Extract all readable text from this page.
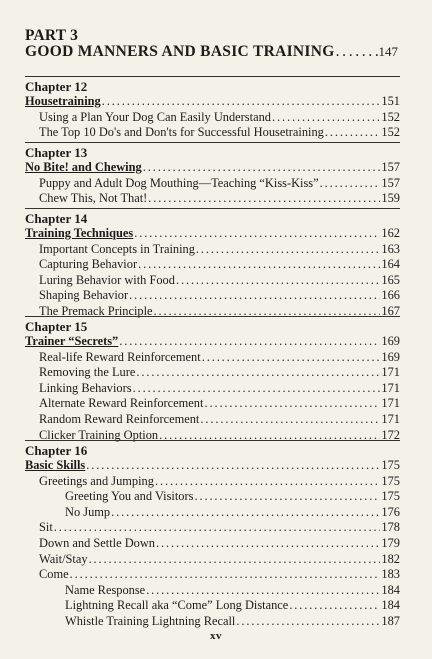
PART 3
GOOD MANNERS AND BASIC TRAINING . . .	147
Chapter 12
Housetraining . . .	151
Using a Plan Your Dog Can Easily Understand . . .	152
The Top 10 Do's and Don'ts for Successful Housetraining . . .	152
Chapter 13
No Bite! and Chewing . . .	157
Puppy and Adult Dog Mouthing—Teaching “Kiss-Kiss” . . .	157
Chew This, Not That! . . .	159
Chapter 14
Training Techniques . . .	162
Important Concepts in Training . . .	163
Capturing Behavior . . .	164
Luring Behavior with Food . . .	165
Shaping Behavior . . .	166
The Premack Principle . . .	167
Chapter 15
Trainer “Secrets” . . .	169
Real-life Reward Reinforcement . . .	169
Removing the Lure . . .	171
Linking Behaviors . . .	171
Alternate Reward Reinforcement . . .	171
Random Reward Reinforcement . . .	171
Clicker Training Option . . .	172
Chapter 16
Basic Skills . . .	175
Greetings and Jumping . . .	175
Greeting You and Visitors . . .	175
No Jump . . .	176
Sit . . .	178
Down and Settle Down . . .	179
Wait/Stay . . .	182
Come . . .	183
Name Response . . .	184
Lightning Recall aka “Come” Long Distance . . .	184
Whistle Training Lightning Recall . . .	187
xv
